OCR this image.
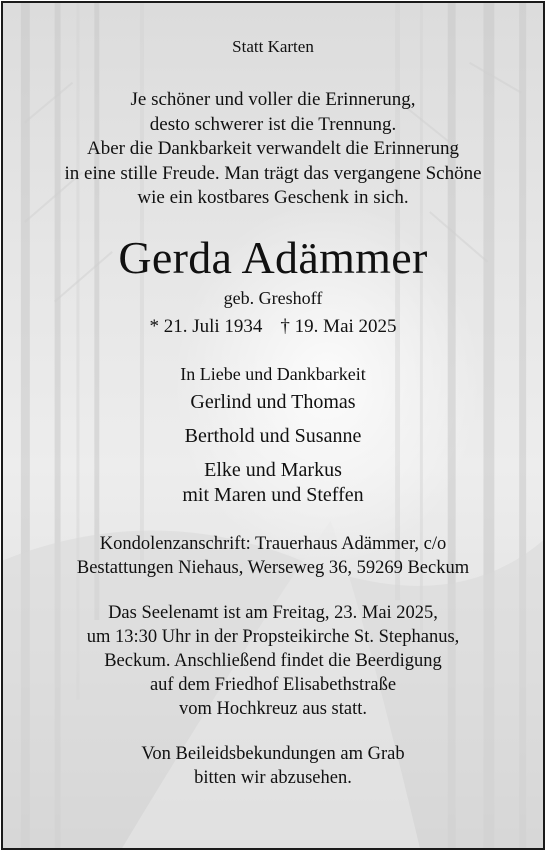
Statt Karten
Je schöner und voller die Erinnerung,
desto schwerer ist die Trennung.
Aber die Dankbarkeit verwandelt die Erinnerung
in eine stille Freude. Man trägt das vergangene Schöne
wie ein kostbares Geschenk in sich.
Gerda Adämmer
geb. Greshoff
* 21. Juli 1934 † 19. Mai 2025
In Liebe und Dankbarkeit
Gerlind und Thomas
Berthold und Susanne
Elke und Markus
mit Maren und Steffen
Kondolenzanschrift: Trauerhaus Adämmer, c/o
Bestattungen Niehaus, Werseweg 36, 59269 Beckum
Das Seelenamt ist am Freitag, 23. Mai 2025,
um 13:30 Uhr in der Propsteikirche St. Stephanus,
Beckum. Anschließend findet die Beerdigung
auf dem Friedhof Elisabethstraße
vom Hochkreuz aus statt.
Von Beileidsbekundungen am Grab
bitten wir abzusehen.
